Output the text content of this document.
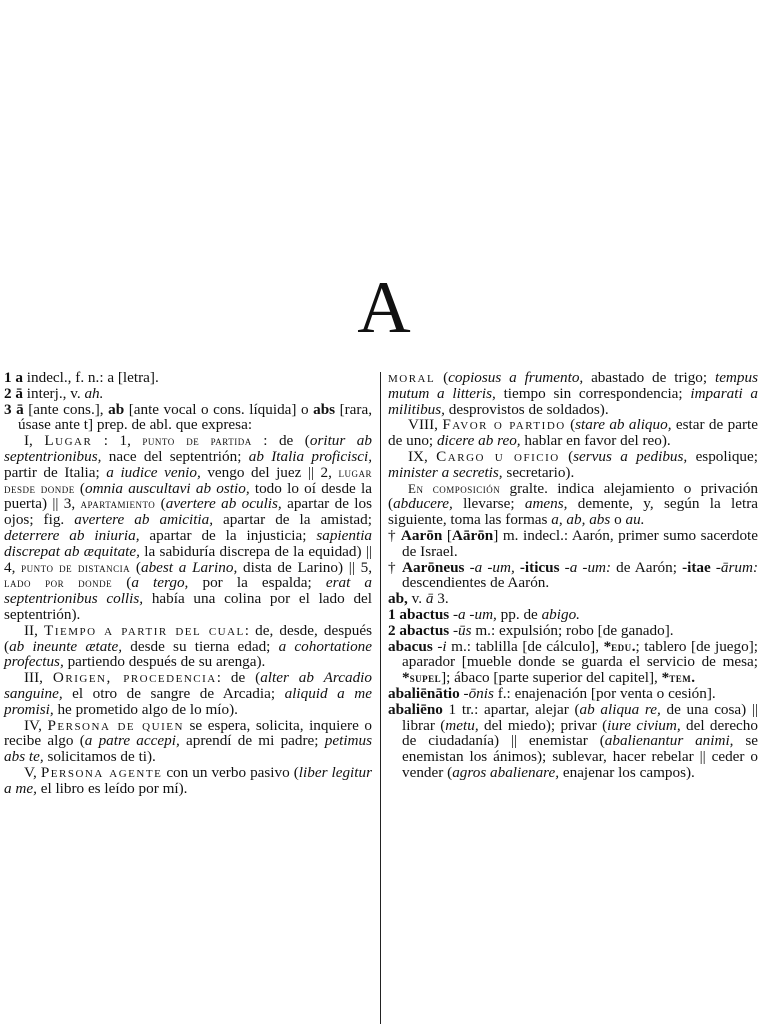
A
1 a indecl., f. n.: a [letra].
2 ā interj., v. ah.
3 ā [ante cons.], ab [ante vocal o cons. líquida] o abs [rara, úsase ante t] prep. de abl. que expresa:
I, Lugar : 1, punto de partida : de (oritur ab septentrionibus, nace del septentrión; ab Italia proficisci, partir de Italia; a iudice venio, vengo del juez || 2, lugar desde donde (omnia auscultavi ab ostio, todo lo oí desde la puerta) || 3, apartamiento (avertere ab oculis, apartar de los ojos; fig. avertere ab amicitia, apartar de la amistad; deterrere ab iniuria, apartar de la injusticia; sapientia discrepat ab æquitate, la sabiduría discrepa de la equidad) || 4, punto de distancia (abest a Larino, dista de Larino) || 5, lado por donde (a tergo, por la espalda; erat a septentrionibus collis, había una colina por el lado del septentrión).
II, Tiempo a partir del cual: de, desde, después (ab ineunte ætate, desde su tierna edad; a cohortatione profectus, partiendo después de su arenga).
III, Origen, procedencia: de (alter ab Arcadio sanguine, el otro de sangre de Arcadia; aliquid a me promisi, he prometido algo de lo mío).
IV, Persona de quien se espera, solicita, inquiere o recibe algo (a patre accepi, aprendí de mi padre; petimus abs te, solicitamos de ti).
V, Persona agente con un verbo pasivo (liber legitur a me, el libro es leído por mí).
moral (copiosus a frumento, abastado de trigo; tempus mutum a litteris, tiempo sin correspondencia; imparati a militibus, desprovistos de soldados).
VIII, Favor o partido (stare ab aliquo, estar de parte de uno; dicere ab reo, hablar en favor del reo).
IX, Cargo u oficio (servus a pedibus, espolique; minister a secretis, secretario).
En composición gralte. indica alejamiento o privación (abducere, llevarse; amens, demente, y, según la letra siguiente, toma las formas a, ab, abs o au.
† Aarōn [Aārōn] m. indecl.: Aarón, primer sumo sacerdote de Israel.
† Aarōneus -a -um, -iticus -a -um: de Aarón; -itae -ārum: descendientes de Aarón.
ab, v. ā 3.
1 abactus -a -um, pp. de abigo.
2 abactus -ūs m.: expulsión; robo [de ganado].
abacus -i m.: tablilla [de cálculo], *edu.; tablero [de juego]; aparador [mueble donde se guarda el servicio de mesa; *supel]; ábaco [parte superior del capitel], *tem.
abaliēnātio -ōnis f.: enajenación [por venta o cesión].
abaliēno 1 tr.: apartar, alejar (ab aliqua re, de una cosa) || librar (metu, del miedo); privar (iure civium, del derecho de ciudadanía) || enemistar (abalienantur animi, se enemistan los ánimos); sublevar, hacer rebelar || ceder o vender (agros abalienare, enajenar los campos).
